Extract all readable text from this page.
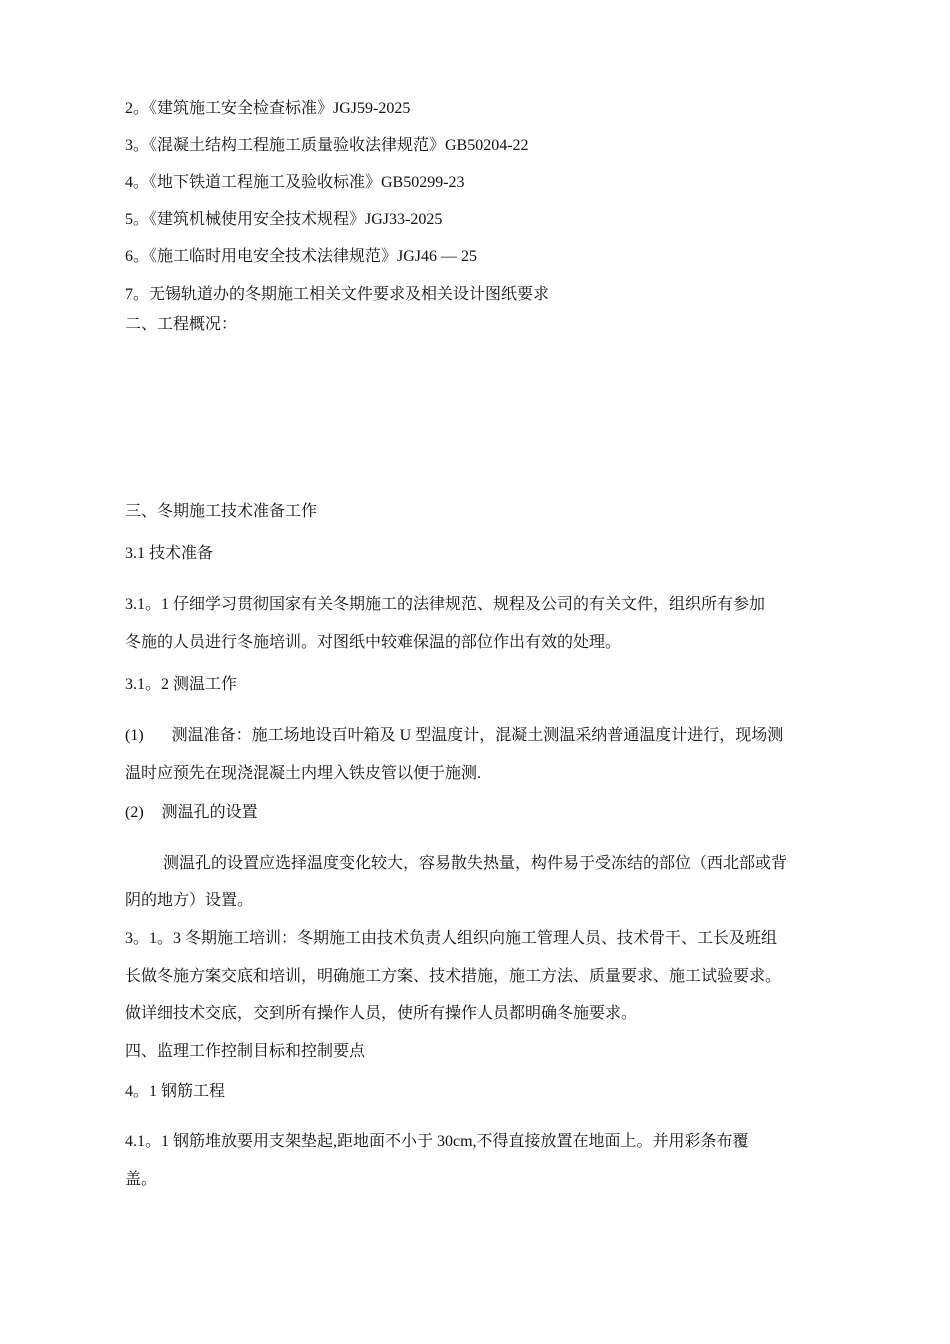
2。《建筑施工安全检查标准》JGJ59-2025
3。《混凝土结构工程施工质量验收法律规范》GB50204-22
4。《地下铁道工程施工及验收标准》GB50299-23
5。《建筑机械使用安全技术规程》JGJ33-2025
6。《施工临时用电安全技术法律规范》JGJ46 — 25
7。无锡轨道办的冬期施工相关文件要求及相关设计图纸要求
二、工程概况：
三、冬期施工技术准备工作
3.1 技术准备
3.1。1 仔细学习贯彻国家有关冬期施工的法律规范、规程及公司的有关文件，组织所有参加
冬施的人员进行冬施培训。对图纸中较难保温的部位作出有效的处理。
3.1。2 测温工作
(1) 测温准备：施工场地设百叶箱及 U 型温度计，混凝土测温采纳普通温度计进行，现场测
温时应预先在现浇混凝土内埋入铁皮管以便于施测.
(2) 测温孔的设置
测温孔的设置应选择温度变化较大，容易散失热量，构件易于受冻结的部位（西北部或背
阴的地方）设置。
3。1。3 冬期施工培训：冬期施工由技术负责人组织向施工管理人员、技术骨干、工长及班组
长做冬施方案交底和培训，明确施工方案、技术措施，施工方法、质量要求、施工试验要求。
做详细技术交底，交到所有操作人员，使所有操作人员都明确冬施要求。
四、监理工作控制目标和控制要点
4。1 钢筋工程
4.1。1 钢筋堆放要用支架垫起,距地面不小于 30cm,不得直接放置在地面上。并用彩条布覆
盖。
